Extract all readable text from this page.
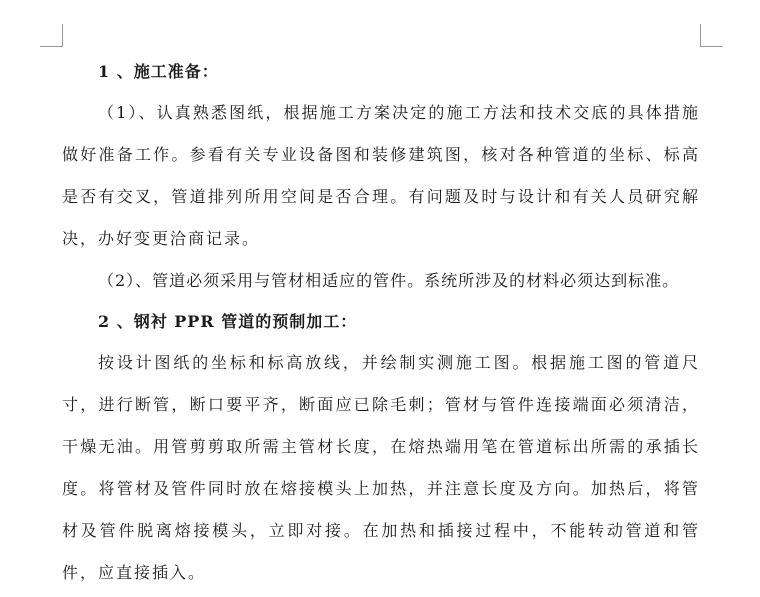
1 、施工准备：

（1）、认真熟悉图纸，根据施工方案决定的施工方法和技术交底的具体措施做好准备工作。参看有关专业设备图和装修建筑图，核对各种管道的坐标、标高是否有交叉，管道排列所用空间是否合理。有问题及时与设计和有关人员研究解决，办好变更洽商记录。

（2）、管道必须采用与管材相适应的管件。系统所涉及的材料必须达到标准。

2 、钢衬 PPR 管道的预制加工：

按设计图纸的坐标和标高放线，并绘制实测施工图。根据施工图的管道尺寸，进行断管，断口要平齐，断面应已除毛刺；管材与管件连接端面必须清洁，干燥无油。用管剪剪取所需主管材长度，在熔热端用笔在管道标出所需的承插长度。将管材及管件同时放在熔接模头上加热，并注意长度及方向。加热后，将管材及管件脱离熔接模头，立即对接。在加热和插接过程中，不能转动管道和管件，应直接插入。
